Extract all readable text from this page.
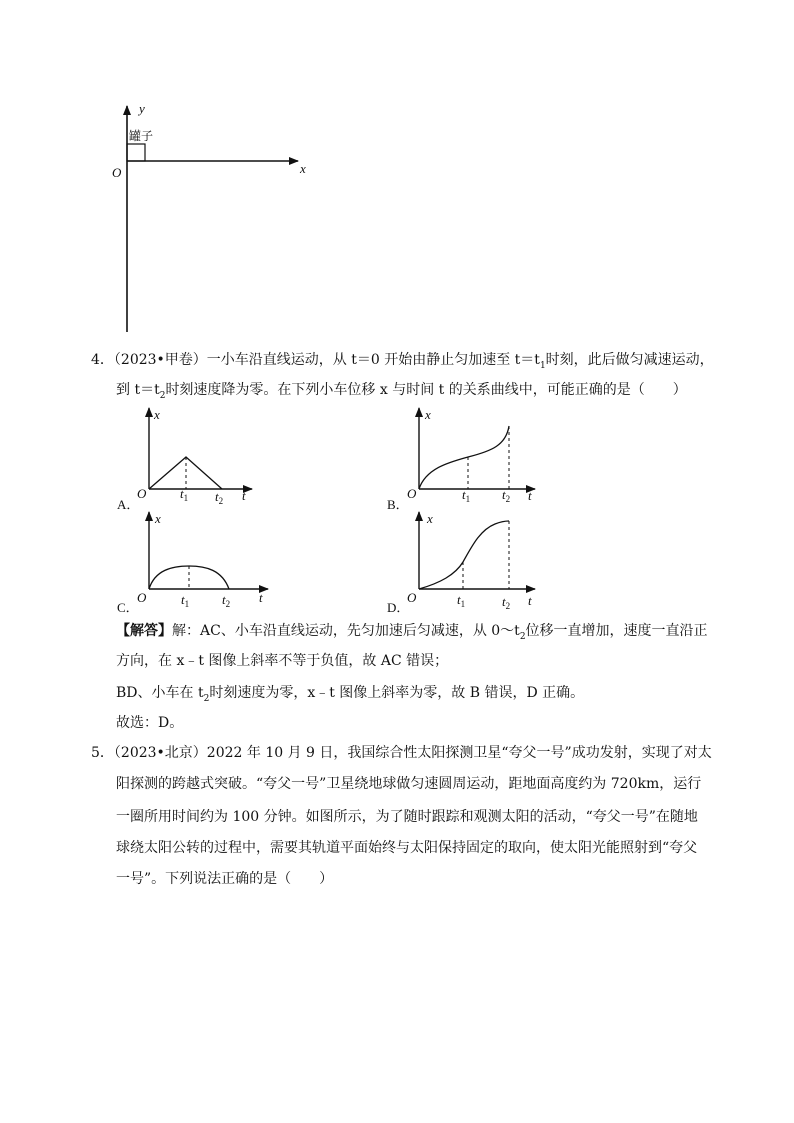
y
x
O
罐子
x
t
O	$t_1$ $t_2$
x
t
O	$t_1$ $t_2$
x
t
O	$t_1$	$t_2$
x
t
O	$t_1$	$t_2$
A．	B．
C．	D．
4．（2023•甲卷）一小车沿直线运动，从 t＝0 开始由静止匀加速至 $t=t_1$时刻，此后做匀减速运动，
到 $t=t_2$时刻速度降为零。在下列小车位移 x 与时间 t 的关系曲线中，可能正确的是（　　）
【解答】解：AC、小车沿直线运动，先匀加速后匀减速，从 $0\sim t_2$位移一直增加，速度一直沿正
方向，在 x﹣t 图像上斜率不等于负值，故 AC 错误；
BD、小车在 $t_2$时刻速度为零，x﹣t 图像上斜率为零，故 B 错误，D 正确。
故选：D。
5．（2023•北京）2022 年 10 月 9 日，我国综合性太阳探测卫星“夸父一号”成功发射，实现了对太
阳探测的跨越式突破。“夸父一号”卫星绕地球做匀速圆周运动，距地面高度约为 720km，运行
一圈所用时间约为 100 分钟。如图所示，为了随时跟踪和观测太阳的活动，“夸父一号”在随地
球绕太阳公转的过程中，需要其轨道平面始终与太阳保持固定的取向，使太阳光能照射到“夸父
一号”。下列说法正确的是（　　）
